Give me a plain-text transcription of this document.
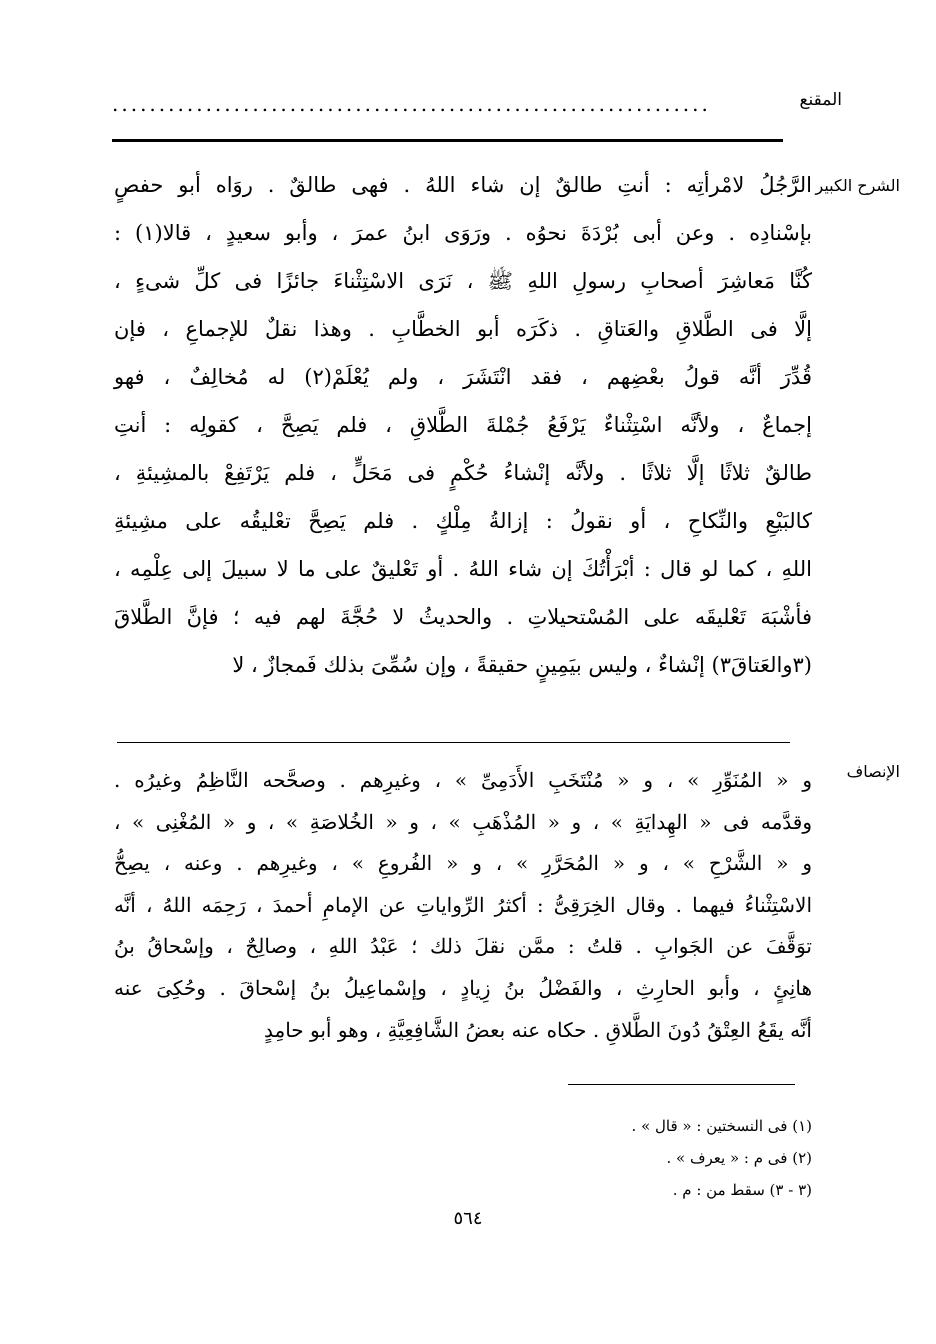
المقنع
................................................................
الشرح الكبير
الرَّجُلُ لامْرأتِه : أنتِ طالقٌ إن شاء اللهُ . فهى طالقٌ . روَاه أبو حفصٍ
بإسْنادِه . وعن أبى بُرْدَةَ نحوُه . ورَوَى ابنُ عمرَ ، وأبو سعيدٍ ، قالا(١) :
كُنَّا مَعاشِرَ أصحابِ رسولِ اللهِ ﷺ ، نَرَى الاسْتِثْناءَ جائزًا فى كلِّ شىءٍ ،
إلَّا فى الطَّلاقِ والعَتاقِ . ذكَرَه أبو الخطَّابِ . وهذا نقلٌ للإجماعِ ، فإن
قُدِّرَ أنَّه قولُ بعْضِهم ، فقد انْتَشَرَ ، ولم يُعْلَمْ(٢) له مُخالِفٌ ، فهو
إجماعٌ ، ولأنَّه اسْتِثْناءٌ يَرْفَعُ جُمْلةَ الطَّلاقِ ، فلم يَصِحَّ ، كقولِه : أنتِ
طالقٌ ثلاثًا إلَّا ثلاثًا . ولأنَّه إنْشاءُ حُكْمٍ فى مَحَلٍّ ، فلم يَرْتَفِعْ بالمشِيئةِ ،
كالبَيْعِ والنِّكاحِ ، أو نقولُ : إزالةُ مِلْكٍ . فلم يَصِحَّ تعْليقُه على مشِيئةِ
اللهِ ، كما لو قال : أبْرَأْتُكَ إن شاء اللهُ . أو تَعْليقٌ على ما لا سبيلَ إلى عِلْمِه ،
فأشْبَهَ تَعْليقَه على المُسْتحيلاتِ . والحديثُ لا حُجَّةَ لهم فيه ؛ فإنَّ الطَّلاقَ
(٣والعَتاقَ٣) إنْشاءٌ ، وليس بيَمِينٍ حقيقةً ، وإن سُمِّىَ بذلك فَمجازٌ ، لا
الإنصاف
و « المُنَوِّرِ » ، و « مُنْتَخَبِ الأَدَمِىِّ » ، وغيرِهم . وصحَّحه النَّاظِمُ وغيرُه .
وقدَّمه فى « الهِدايَةِ » ، و « المُذْهَبِ » ، و « الخُلاصَةِ » ، و « المُغْنِى » ،
و « الشَّرْحِ » ، و « المُحَرَّرِ » ، و « الفُروعِ » ، وغيرِهم . وعنه ، يصِحُّ
الاسْتِثْناءُ فيهما . وقال الخِرَقِىُّ : أكثرُ الرِّواياتِ عن الإمامِ أحمدَ ، رَحِمَه اللهُ ، أنَّه
توَقَّفَ عن الجَوابِ . قلتُ : ممَّن نقلَ ذلك ؛ عَبْدُ اللهِ ، وصالِحٌ ، وإسْحاقُ بنُ
هانِئٍ ، وأبو الحارِثِ ، والفَضْلُ بنُ زِيادٍ ، وإسْماعِيلُ بنُ إسْحاقَ . وحُكِىَ عنه
أنَّه يقَعُ العِتْقُ دُونَ الطَّلاقِ . حكاه عنه بعضُ الشَّافِعِيَّةِ ، وهو أبو حامِدٍ
(١) فى النسختين : « قال » .
(٢) فى م : « يعرف » .
(٣ - ٣) سقط من : م .
٥٦٤
